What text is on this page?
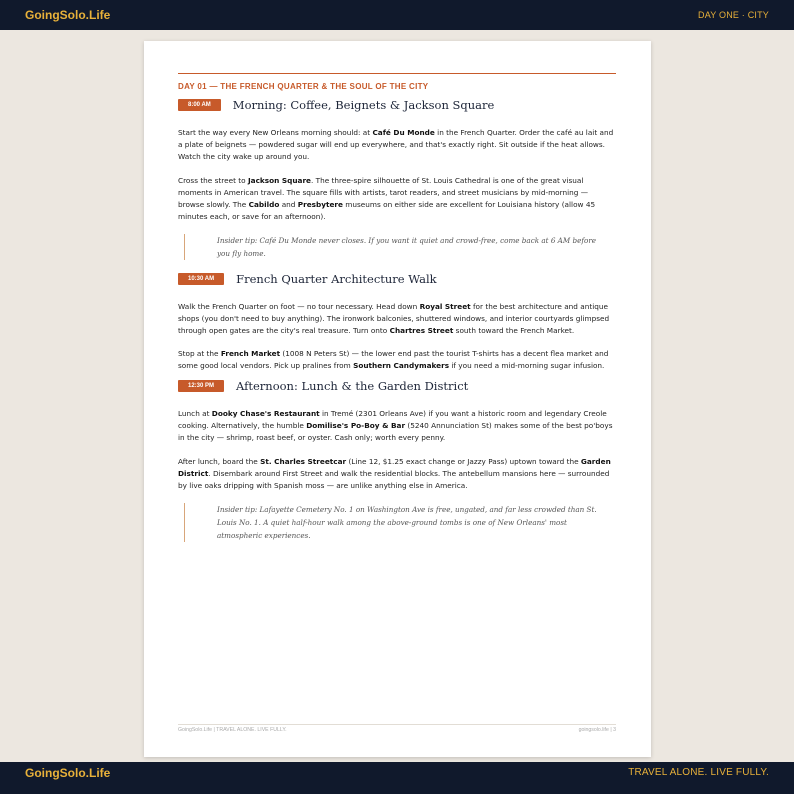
GoingSolo.Life	DAY ONE · CITY
DAY 01 — THE FRENCH QUARTER & THE SOUL OF THE CITY
8:00 AM	Morning: Coffee, Beignets & Jackson Square
Start the way every New Orleans morning should: at Café Du Monde in the French Quarter. Order the café au lait and a plate of beignets — powdered sugar will end up everywhere, and that's exactly right. Sit outside if the heat allows. Watch the city wake up around you.
Cross the street to Jackson Square. The three-spire silhouette of St. Louis Cathedral is one of the great visual moments in American travel. The square fills with artists, tarot readers, and street musicians by mid-morning — browse slowly. The Cabildo and Presbytere museums on either side are excellent for Louisiana history (allow 45 minutes each, or save for an afternoon).
Insider tip: Café Du Monde never closes. If you want it quiet and crowd-free, come back at 6 AM before you fly home.
10:30 AM	French Quarter Architecture Walk
Walk the French Quarter on foot — no tour necessary. Head down Royal Street for the best architecture and antique shops (you don't need to buy anything). The ironwork balconies, shuttered windows, and interior courtyards glimpsed through open gates are the city's real treasure. Turn onto Chartres Street south toward the French Market.
Stop at the French Market (1008 N Peters St) — the lower end past the tourist T-shirts has a decent flea market and some good local vendors. Pick up pralines from Southern Candymakers if you need a mid-morning sugar infusion.
12:30 PM	Afternoon: Lunch & the Garden District
Lunch at Dooky Chase's Restaurant in Tremé (2301 Orleans Ave) if you want a historic room and legendary Creole cooking. Alternatively, the humble Domilise's Po-Boy & Bar (5240 Annunciation St) makes some of the best po'boys in the city — shrimp, roast beef, or oyster. Cash only; worth every penny.
After lunch, board the St. Charles Streetcar (Line 12, $1.25 exact change or Jazzy Pass) uptown toward the Garden District. Disembark around First Street and walk the residential blocks. The antebellum mansions here — surrounded by live oaks dripping with Spanish moss — are unlike anything else in America.
Insider tip: Lafayette Cemetery No. 1 on Washington Ave is free, ungated, and far less crowded than St. Louis No. 1. A quiet half-hour walk among the above-ground tombs is one of New Orleans' most atmospheric experiences.
GoingSolo.Life | TRAVEL ALONE. LIVE FULLY.	goingsolo.life | 3
GoingSolo.Life	TRAVEL ALONE. LIVE FULLY.
